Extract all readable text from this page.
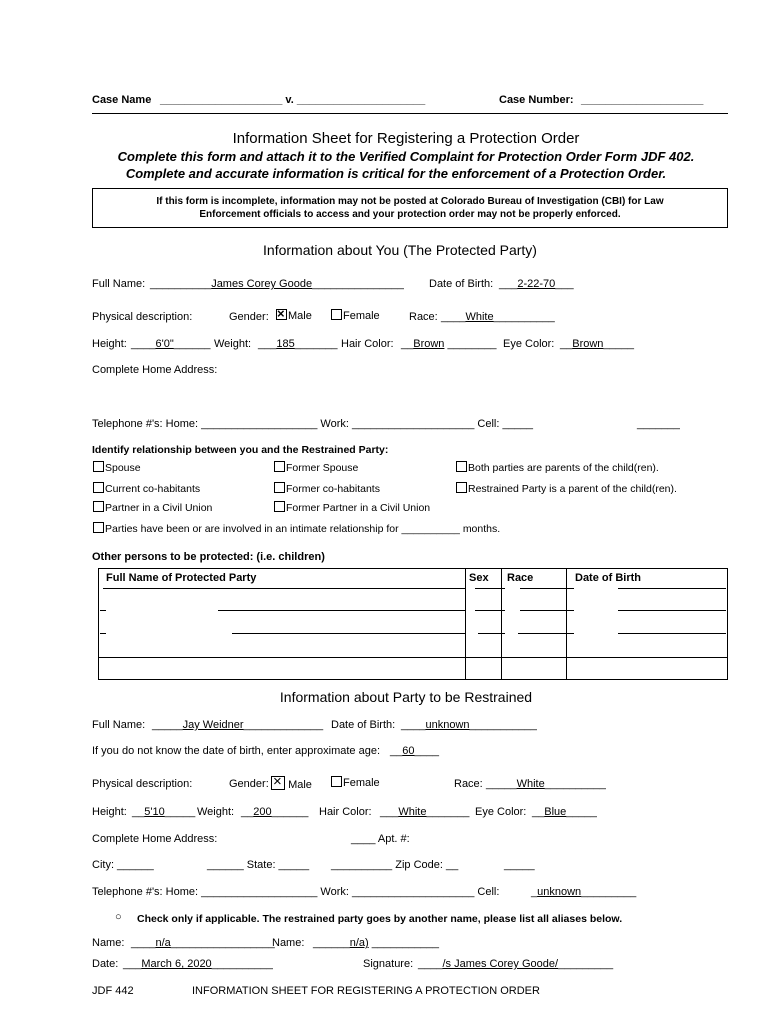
Case Name ____________________ v. _____________________	Case Number: ____________________
Information Sheet for Registering a Protection Order
Complete this form and attach it to the Verified Complaint for Protection Order Form JDF 402.
Complete and accurate information is critical for the enforcement of a Protection Order.
If this form is incomplete, information may not be posted at Colorado Bureau of Investigation (CBI) for Law
Enforcement officials to access and your protection order may not be properly enforced.
Information about You (The Protected Party)
Full Name: __________James Corey Goode_______________ Date of Birth: ___2-22-70___
Physical description:	Gender: ×	Male	Female	Race: ____White__________
Height: ____6'0"______ Weight: ___185_______ Hair Color: __Brown ________ Eye Color: __Brown_____
Complete Home Address:
Telephone #'s: Home: ___________________ Work: ____________________ Cell: _____	_______
Identify relationship between you and the Restrained Party:
Spouse	Former Spouse	Both parties are parents of the child(ren).
Current co-habitants	Former co-habitants	Restrained Party is a parent of the child(ren).
Partner in a Civil Union	Former Partner in a Civil Union
Parties have been or are involved in an intimate relationship for __________ months.
Other persons to be protected: (i.e. children)
Full Name of Protected Party	Sex Race	Date of Birth
Information about Party to be Restrained
Full Name: _____Jay Weidner_____________ Date of Birth: ____unknown___________
If you do not know the date of birth, enter approximate age: __60____
Physical description:	Gender: ×	Male	Female	Race: _____White__________
Height: __5'10_____ Weight: __200______ Hair Color: ___White_______ Eye Color: __Blue_____
Complete Home Address:	____ Apt. #:
City: ______	______ State: _____ __________ Zip Code: __	_____
Telephone #'s: Home: ___________________ Work: ____________________ Cell:	_unknown_________
○ Check only if applicable. The restrained party goes by another name, please list all aliases below.
Name: ____n/a_________________
Name: ______n/a) ___________
Date: ___March 6, 2020__________	Signature: ____/s James Corey Goode/_________
JDF 442	INFORMATION SHEET FOR REGISTERING A PROTECTION ORDER
